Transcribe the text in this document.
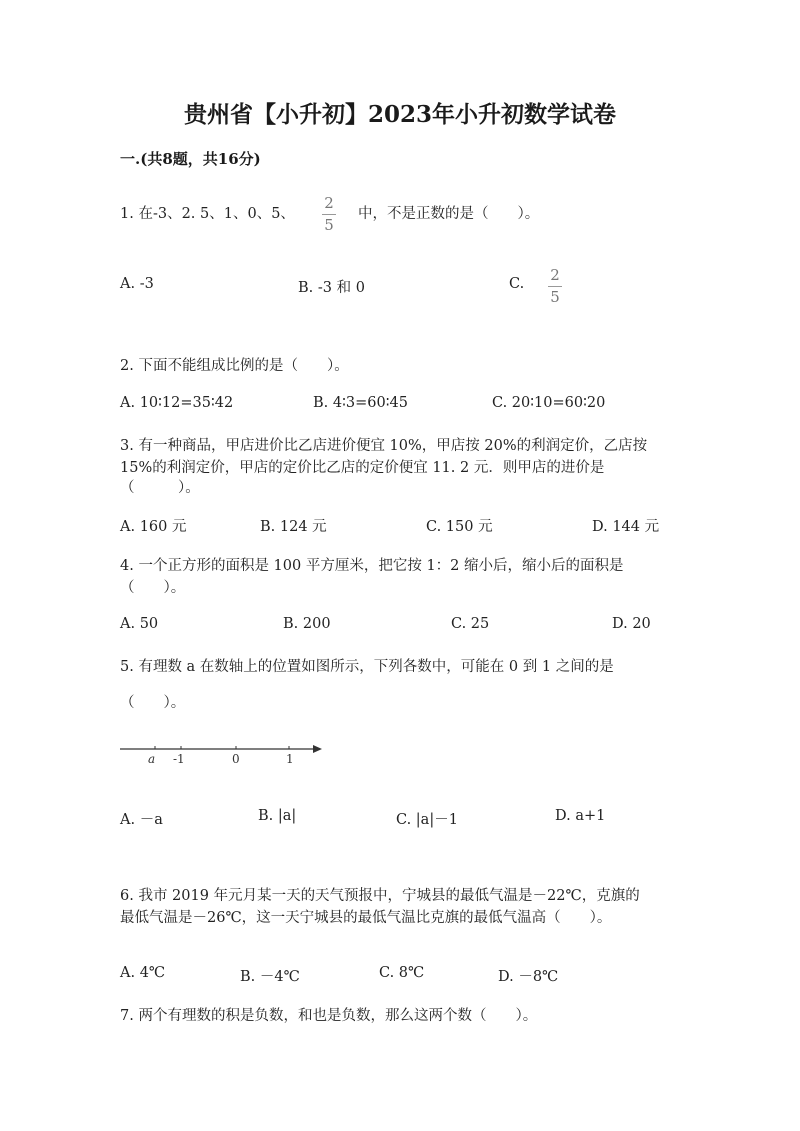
贵州省【小升初】2023年小升初数学试卷
一.(共8题，共16分)
1. 在-3、2. 5、1、0、5、 $\frac{2}{5}$ 中，不是正数的是（　　）。
A. -3	B. -3 和 0	C. $\frac{2}{5}$
2. 下面不能组成比例的是（　　）。
A. 10∶12=35∶42	B. 4∶3=60∶45	C. 20∶10=60∶20
3. 有一种商品，甲店进价比乙店进价便宜 10%，甲店按 20%的利润定价，乙店按
15%的利润定价，甲店的定价比乙店的定价便宜 11. 2 元．则甲店的进价是
（　　　）。
A. 160 元	B. 124 元	C. 150 元	D. 144 元
4. 一个正方形的面积是 100 平方厘米，把它按 1：2 缩小后，缩小后的面积是
（　　）。
A. 50	B. 200	C. 25	D. 20
5. 有理数 a 在数轴上的位置如图所示，下列各数中，可能在 0 到 1 之间的是
（　　）。
a -1	0	1
A. －a	B. |a|	C. |a|－1	D. a+1
6. 我市 2019 年元月某一天的天气预报中，宁城县的最低气温是－22℃，克旗的
最低气温是－26℃，这一天宁城县的最低气温比克旗的最低气温高（　　）。
A. 4℃	B. －4℃	C. 8℃	D. －8℃
7. 两个有理数的积是负数，和也是负数，那么这两个数（　　）。
